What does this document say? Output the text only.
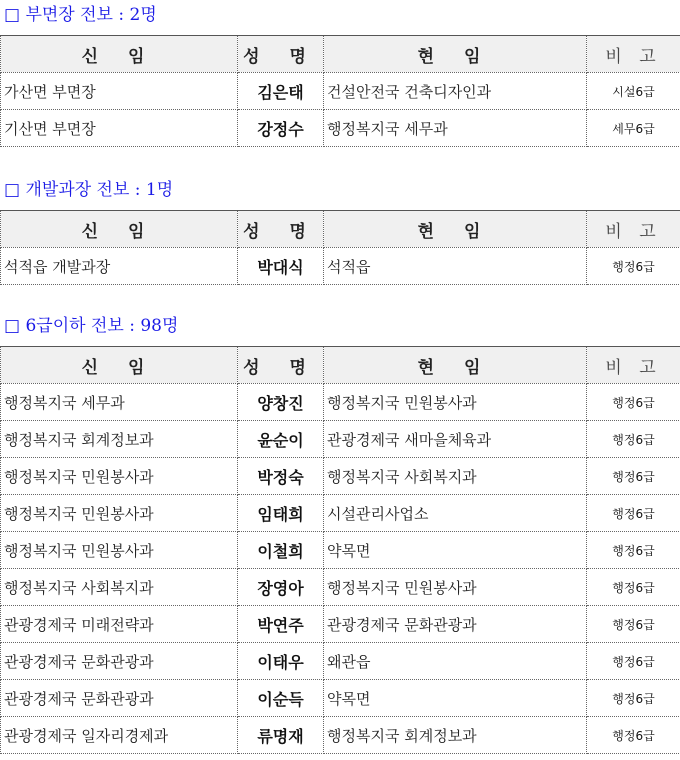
□ 부면장 전보 : 2명
신 임	성 명	현 임	비 고
가산면 부면장	김은태	건설안전국 건축디자인과	시설6급
기산면 부면장	강정수	행정복지국 세무과	세무6급
□ 개발과장 전보 : 1명
신 임	성 명	현 임	비 고
석적읍 개발과장	박대식	석적읍	행정6급
□ 6급이하 전보 : 98명
신 임	성 명	현 임	비 고
행정복지국 세무과	양창진	행정복지국 민원봉사과	행정6급
행정복지국 회계정보과	윤순이	관광경제국 새마을체육과	행정6급
행정복지국 민원봉사과	박정숙	행정복지국 사회복지과	행정6급
행정복지국 민원봉사과	임태희	시설관리사업소	행정6급
행정복지국 민원봉사과	이철희	약목면	행정6급
행정복지국 사회복지과	장영아	행정복지국 민원봉사과	행정6급
관광경제국 미래전략과	박연주	관광경제국 문화관광과	행정6급
관광경제국 문화관광과	이태우	왜관읍	행정6급
관광경제국 문화관광과	이순득	약목면	행정6급
관광경제국 일자리경제과	류명재	행정복지국 회계정보과	행정6급
